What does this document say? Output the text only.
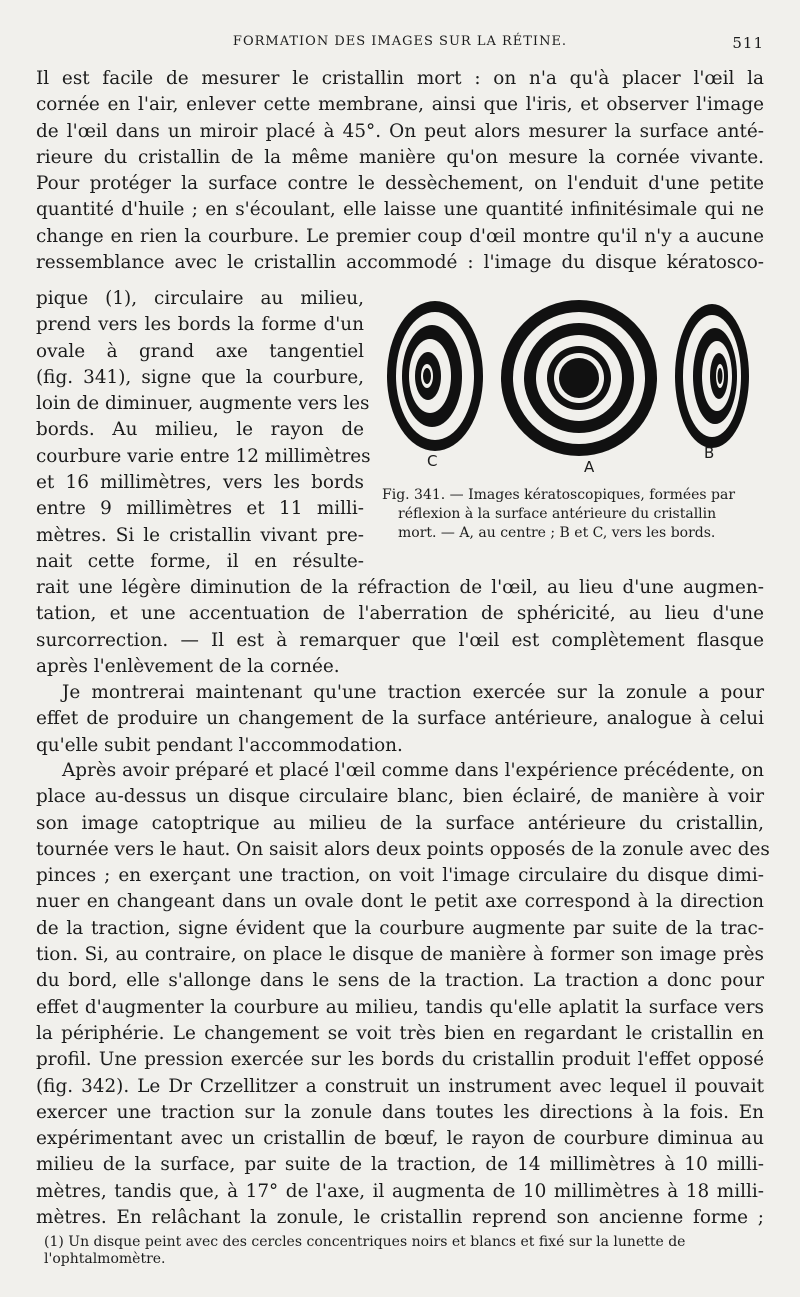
FORMATION DES IMAGES SUR LA RÉTINE.	511
Il est facile de mesurer le cristallin mort : on n'a qu'à placer l'œil la
cornée en l'air, enlever cette membrane, ainsi que l'iris, et observer l'image
de l'œil dans un miroir placé à 45°. On peut alors mesurer la surface anté-
rieure du cristallin de la même manière qu'on mesure la cornée vivante.
Pour protéger la surface contre le dessèchement, on l'enduit d'une petite
quantité d'huile ; en s'écoulant, elle laisse une quantité infinitésimale qui ne
change en rien la courbure. Le premier coup d'œil montre qu'il n'y a aucune
ressemblance avec le cristallin accommodé : l'image du disque kératosco-
pique (1), circulaire au milieu,
prend vers les bords la forme d'un
ovale à grand axe tangentiel
(fig. 341), signe que la courbure,
loin de diminuer, augmente vers les
bords. Au milieu, le rayon de
courbure varie entre 12 millimètres
et 16 millimètres, vers les bords
entre 9 millimètres et 11 milli-
mètres. Si le cristallin vivant pre-
nait cette forme, il en résulte-
C	A
B
Fig. 341. — Images kératoscopiques, formées par
réflexion à la surface antérieure du cristallin
mort. — A, au centre ; B et C, vers les bords.
rait une légère diminution de la réfraction de l'œil, au lieu d'une augmen-
tation, et une accentuation de l'aberration de sphéricité, au lieu d'une
surcorrection. — Il est à remarquer que l'œil est complètement flasque
après l'enlèvement de la cornée.
Je montrerai maintenant qu'une traction exercée sur la zonule a pour
effet de produire un changement de la surface antérieure, analogue à celui
qu'elle subit pendant l'accommodation.
Après avoir préparé et placé l'œil comme dans l'expérience précédente, on
place au-dessus un disque circulaire blanc, bien éclairé, de manière à voir
son image catoptrique au milieu de la surface antérieure du cristallin,
tournée vers le haut. On saisit alors deux points opposés de la zonule avec des
pinces ; en exerçant une traction, on voit l'image circulaire du disque dimi-
nuer en changeant dans un ovale dont le petit axe correspond à la direction
de la traction, signe évident que la courbure augmente par suite de la trac-
tion. Si, au contraire, on place le disque de manière à former son image près
du bord, elle s'allonge dans le sens de la traction. La traction a donc pour
effet d'augmenter la courbure au milieu, tandis qu'elle aplatit la surface vers
la périphérie. Le changement se voit très bien en regardant le cristallin en
profil. Une pression exercée sur les bords du cristallin produit l'effet opposé
(fig. 342). Le Dr Crzellitzer a construit un instrument avec lequel il pouvait
exercer une traction sur la zonule dans toutes les directions à la fois. En
expérimentant avec un cristallin de bœuf, le rayon de courbure diminua au
milieu de la surface, par suite de la traction, de 14 millimètres à 10 milli-
mètres, tandis que, à 17° de l'axe, il augmenta de 10 millimètres à 18 milli-
mètres. En relâchant la zonule, le cristallin reprend son ancienne forme ;
(1) Un disque peint avec des cercles concentriques noirs et blancs et fixé sur la lunette de
l'ophtalmomètre.
